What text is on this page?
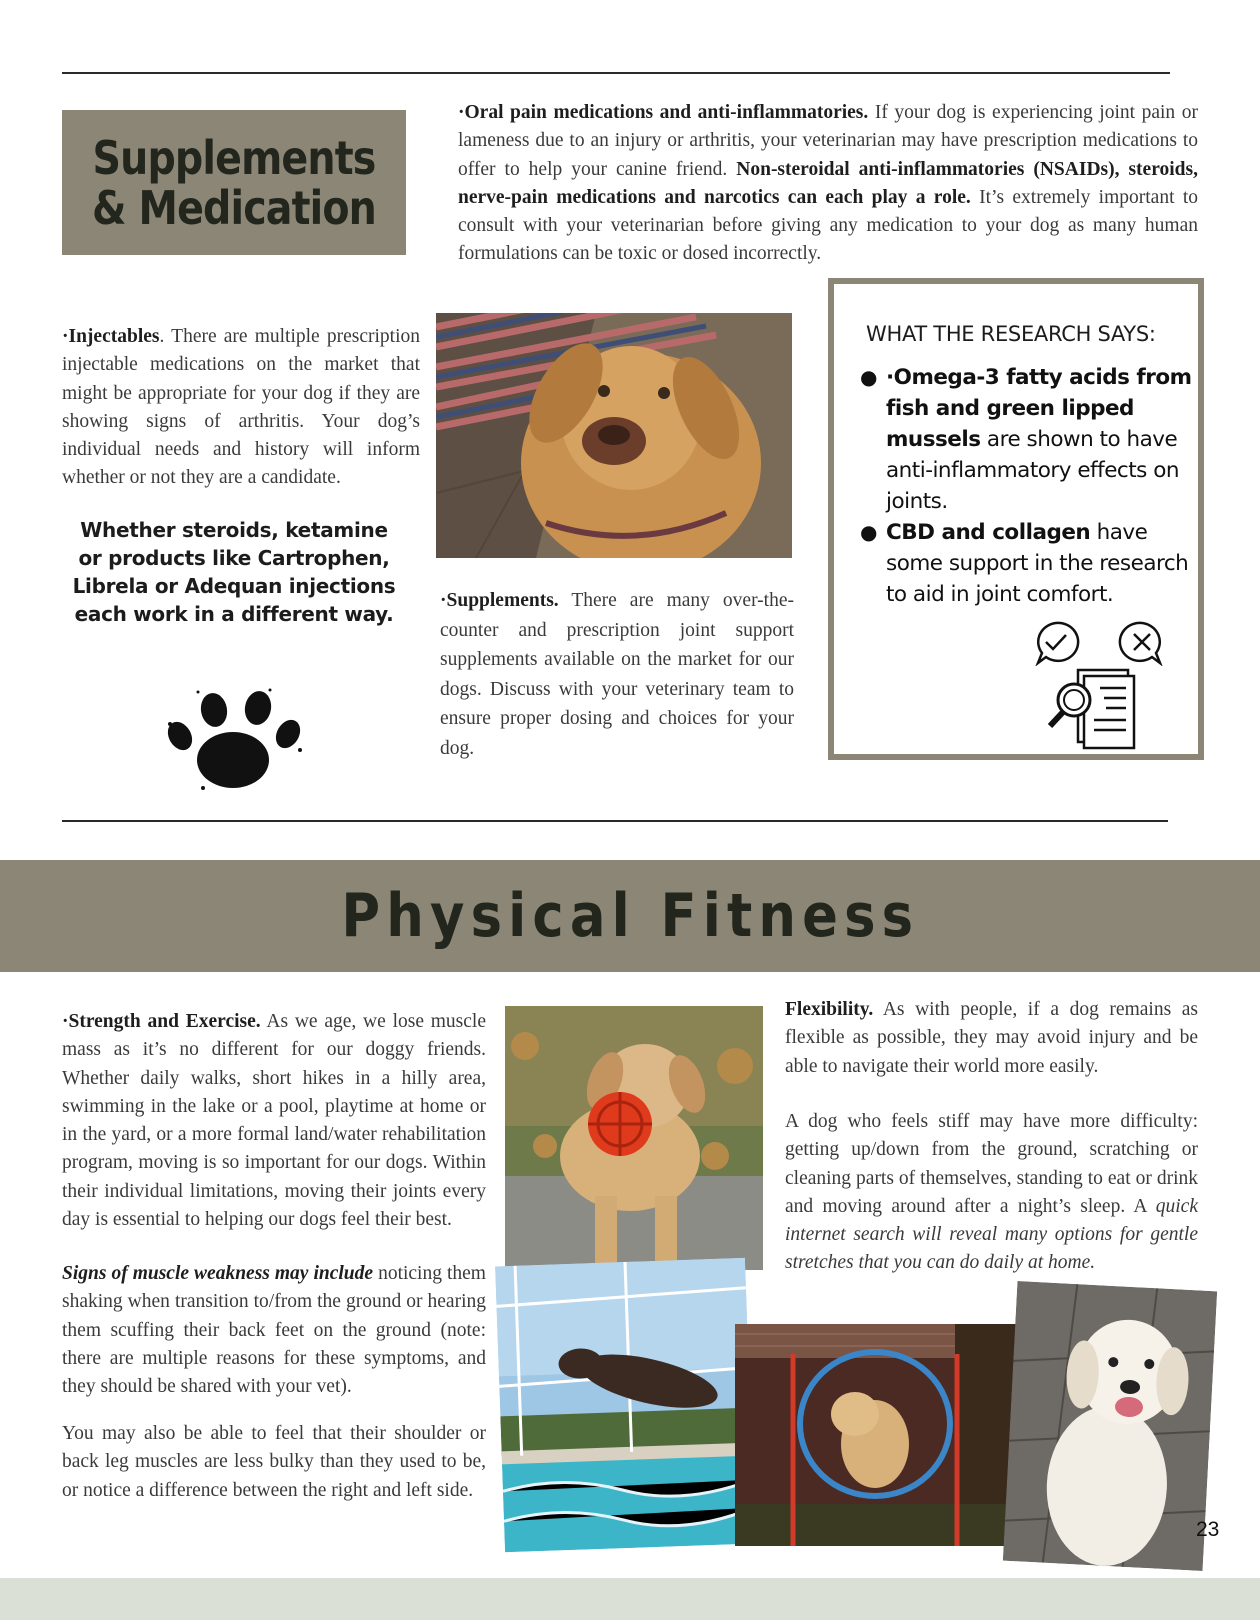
Supplements & Medication

·Oral pain medications and anti-inflammatories. If your dog is experiencing joint pain or lameness due to an injury or arthritis, your veterinarian may have prescription medications to offer to help your canine friend. Non-steroidal anti-inflammatories (NSAIDs), steroids, nerve-pain medications and narcotics can each play a role. It’s extremely important to consult with your veterinarian before giving any medication to your dog as many human formulations can be toxic or dosed incorrectly.

·Injectables. There are multiple prescription injectable medications on the market that might be appropriate for your dog if they are showing signs of arthritis. Your dog’s individual needs and history will inform whether or not they are a candidate.

Whether steroids, ketamine or products like Cartrophen, Librela or Adequan injections each work in a different way.

·Supplements. There are many over-the-counter and prescription joint support supplements available on the market for our dogs. Discuss with your veterinary team to ensure proper dosing and choices for your dog.

WHAT THE RESEARCH SAYS:
● ·Omega-3 fatty acids from fish and green lipped mussels are shown to have anti-inflammatory effects on joints.
● CBD and collagen have some support in the research to aid in joint comfort.
Physical Fitness

·Strength and Exercise. As we age, we lose muscle mass as it’s no different for our doggy friends. Whether daily walks, short hikes in a hilly area, swimming in the lake or a pool, playtime at home or in the yard, or a more formal land/water rehabilitation program, moving is so important for our dogs. Within their individual limitations, moving their joints every day is essential to helping our dogs feel their best.

Signs of muscle weakness may include noticing them shaking when transition to/from the ground or hearing them scuffing their back feet on the ground (note: there are multiple reasons for these symptoms, and they should be shared with your vet).

You may also be able to feel that their shoulder or back leg muscles are less bulky than they used to be, or notice a difference between the right and left side.

Flexibility. As with people, if a dog remains as flexible as possible, they may avoid injury and be able to navigate their world more easily.

A dog who feels stiff may have more difficulty: getting up/down from the ground, scratching or cleaning parts of themselves, standing to eat or drink and moving around after a night’s sleep. A quick internet search will reveal many options for gentle stretches that you can do daily at home.

23
